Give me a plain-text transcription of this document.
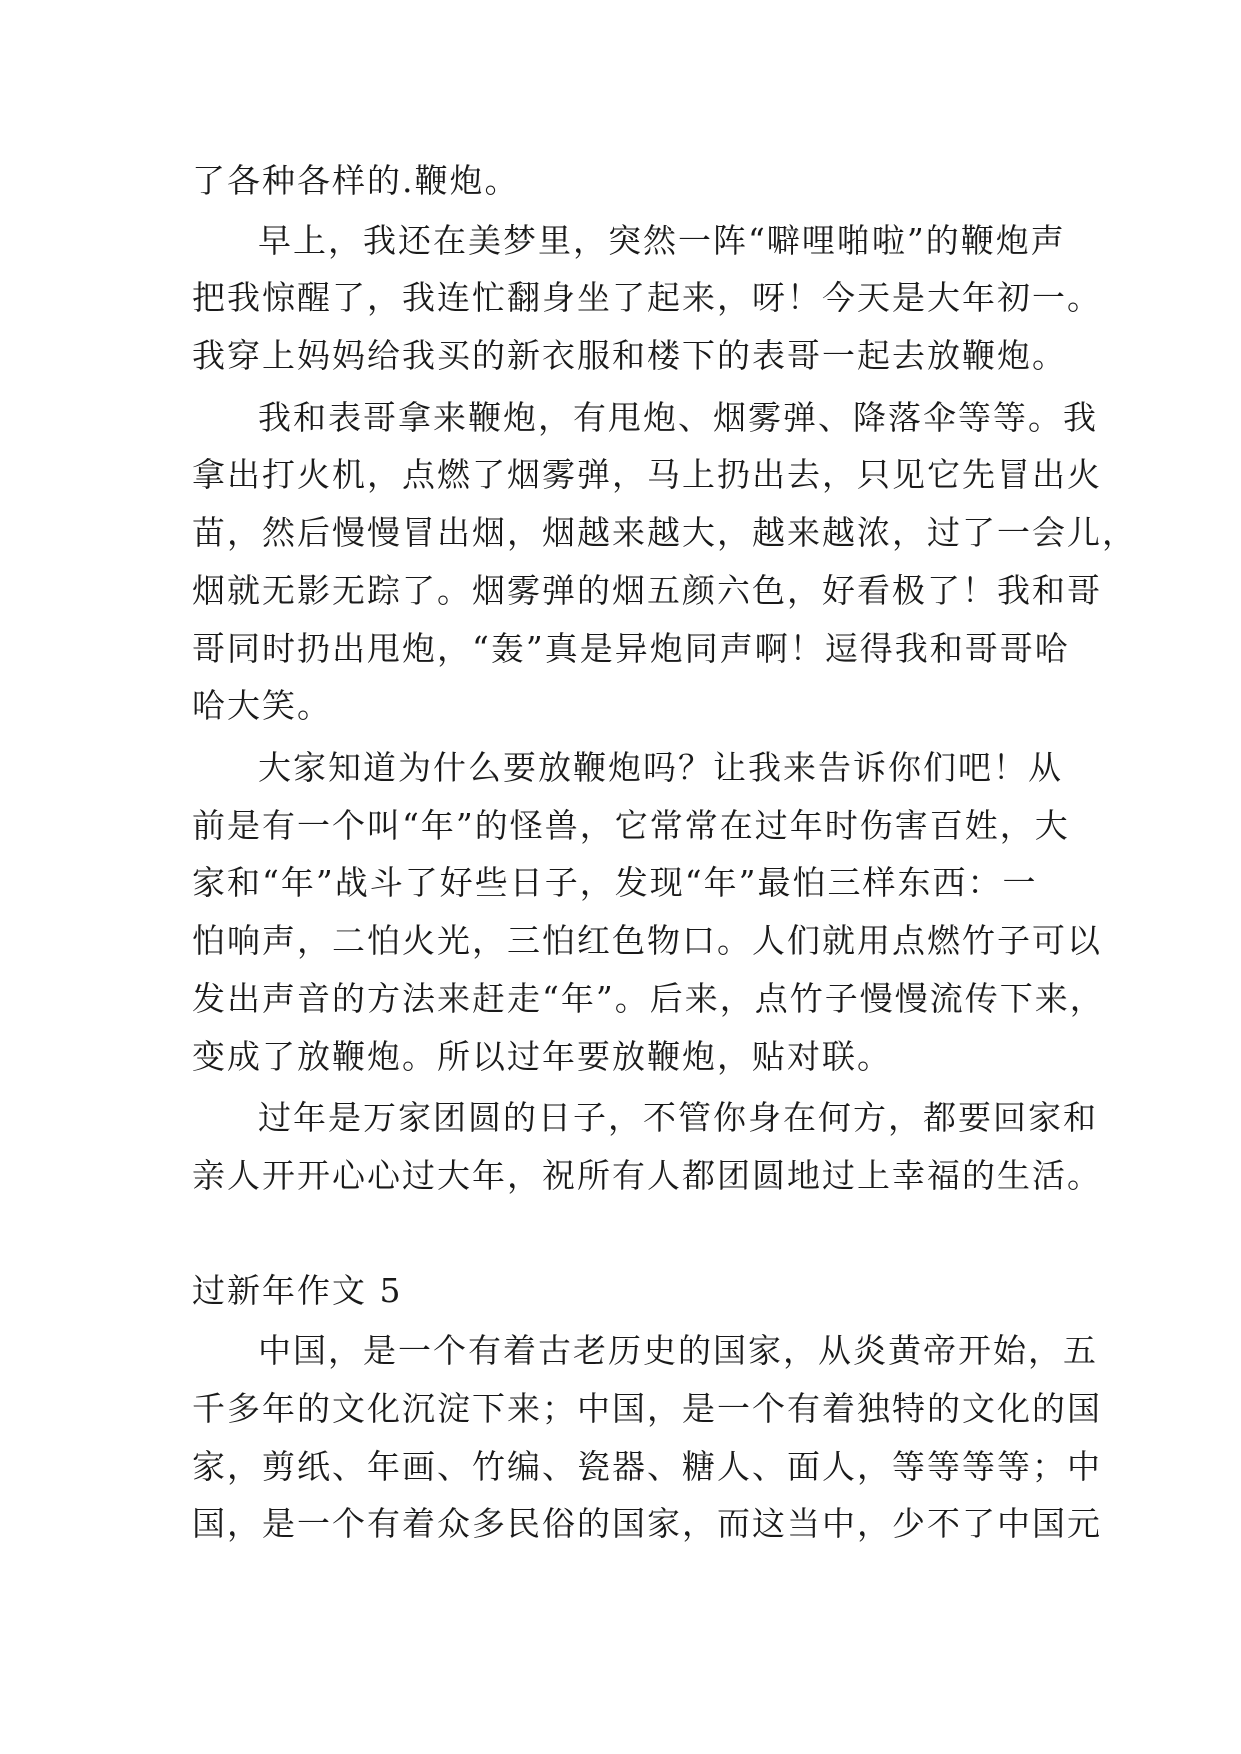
了各种各样的.鞭炮。
早上，我还在美梦里，突然一阵“噼哩啪啦”的鞭炮声
把我惊醒了，我连忙翻身坐了起来，呀！今天是大年初一。
我穿上妈妈给我买的新衣服和楼下的表哥一起去放鞭炮。
我和表哥拿来鞭炮，有甩炮、烟雾弹、降落伞等等。我
拿出打火机，点燃了烟雾弹，马上扔出去，只见它先冒出火
苗，然后慢慢冒出烟，烟越来越大，越来越浓，过了一会儿，
烟就无影无踪了。烟雾弹的烟五颜六色，好看极了！我和哥
哥同时扔出甩炮，“轰”真是异炮同声啊！逗得我和哥哥哈
哈大笑。
大家知道为什么要放鞭炮吗？让我来告诉你们吧！从
前是有一个叫“年”的怪兽，它常常在过年时伤害百姓，大
家和“年”战斗了好些日子，发现“年”最怕三样东西：一
怕响声，二怕火光，三怕红色物口。人们就用点燃竹子可以
发出声音的方法来赶走“年”。后来，点竹子慢慢流传下来，
变成了放鞭炮。所以过年要放鞭炮，贴对联。
过年是万家团圆的日子，不管你身在何方，都要回家和
亲人开开心心过大年，祝所有人都团圆地过上幸福的生活。
过新年作文 5
中国，是一个有着古老历史的国家，从炎黄帝开始，五
千多年的文化沉淀下来；中国，是一个有着独特的文化的国
家，剪纸、年画、竹编、瓷器、糖人、面人，等等等等；中
国，是一个有着众多民俗的国家，而这当中，少不了中国元
